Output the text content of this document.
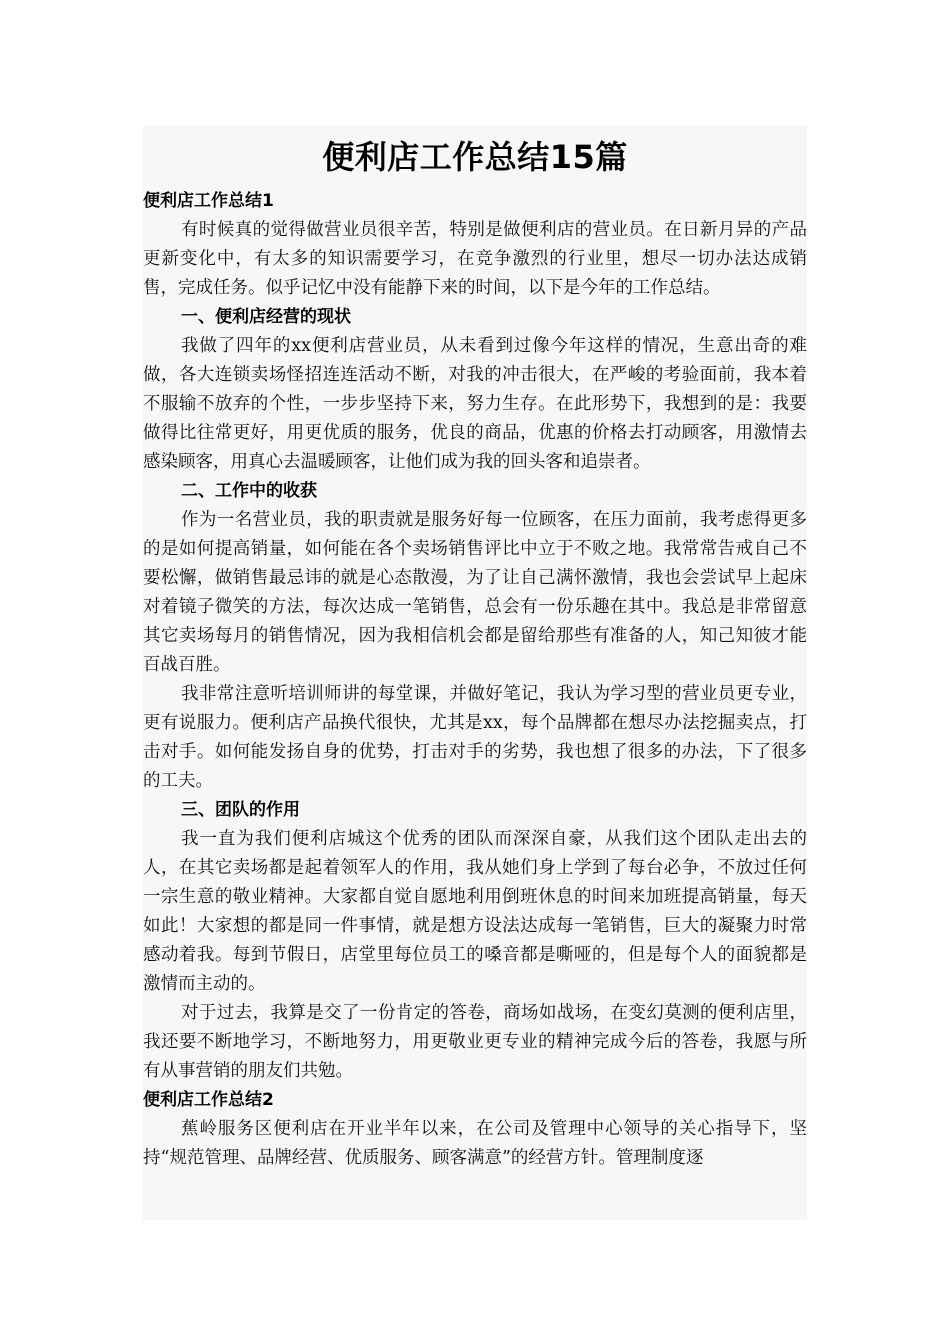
便利店工作总结15篇

便利店工作总结1

有时候真的觉得做营业员很辛苦，特别是做便利店的营业员。在日新月异的产品更新变化中，有太多的知识需要学习，在竞争激烈的行业里，想尽一切办法达成销售，完成任务。似乎记忆中没有能静下来的时间，以下是今年的工作总结。

一、便利店经营的现状

我做了四年的xx便利店营业员，从未看到过像今年这样的情况，生意出奇的难做，各大连锁卖场怪招连连活动不断，对我的冲击很大，在严峻的考验面前，我本着不服输不放弃的个性，一步步坚持下来，努力生存。在此形势下，我想到的是：我要做得比往常更好，用更优质的服务，优良的商品，优惠的价格去打动顾客，用激情去感染顾客，用真心去温暖顾客，让他们成为我的回头客和追崇者。

二、工作中的收获

作为一名营业员，我的职责就是服务好每一位顾客，在压力面前，我考虑得更多的是如何提高销量，如何能在各个卖场销售评比中立于不败之地。我常常告戒自己不要松懈，做销售最忌讳的就是心态散漫，为了让自己满怀激情，我也会尝试早上起床对着镜子微笑的方法，每次达成一笔销售，总会有一份乐趣在其中。我总是非常留意其它卖场每月的销售情况，因为我相信机会都是留给那些有准备的人，知己知彼才能百战百胜。

我非常注意听培训师讲的每堂课，并做好笔记，我认为学习型的营业员更专业，更有说服力。便利店产品换代很快，尤其是xx，每个品牌都在想尽办法挖掘卖点，打击对手。如何能发扬自身的优势，打击对手的劣势，我也想了很多的办法，下了很多的工夫。

三、团队的作用

我一直为我们便利店城这个优秀的团队而深深自豪，从我们这个团队走出去的人，在其它卖场都是起着领军人的作用，我从她们身上学到了每台必争，不放过任何一宗生意的敬业精神。大家都自觉自愿地利用倒班休息的时间来加班提高销量，每天如此！大家想的都是同一件事情，就是想方设法达成每一笔销售，巨大的凝聚力时常感动着我。每到节假日，店堂里每位员工的嗓音都是嘶哑的，但是每个人的面貌都是激情而主动的。

对于过去，我算是交了一份肯定的答卷，商场如战场，在变幻莫测的便利店里，我还要不断地学习，不断地努力，用更敬业更专业的精神完成今后的答卷，我愿与所有从事营销的朋友们共勉。

便利店工作总结2

蕉岭服务区便利店在开业半年以来，在公司及管理中心领导的关心指导下，坚持“规范管理、品牌经营、优质服务、顾客满意”的经营方针。管理制度逐
